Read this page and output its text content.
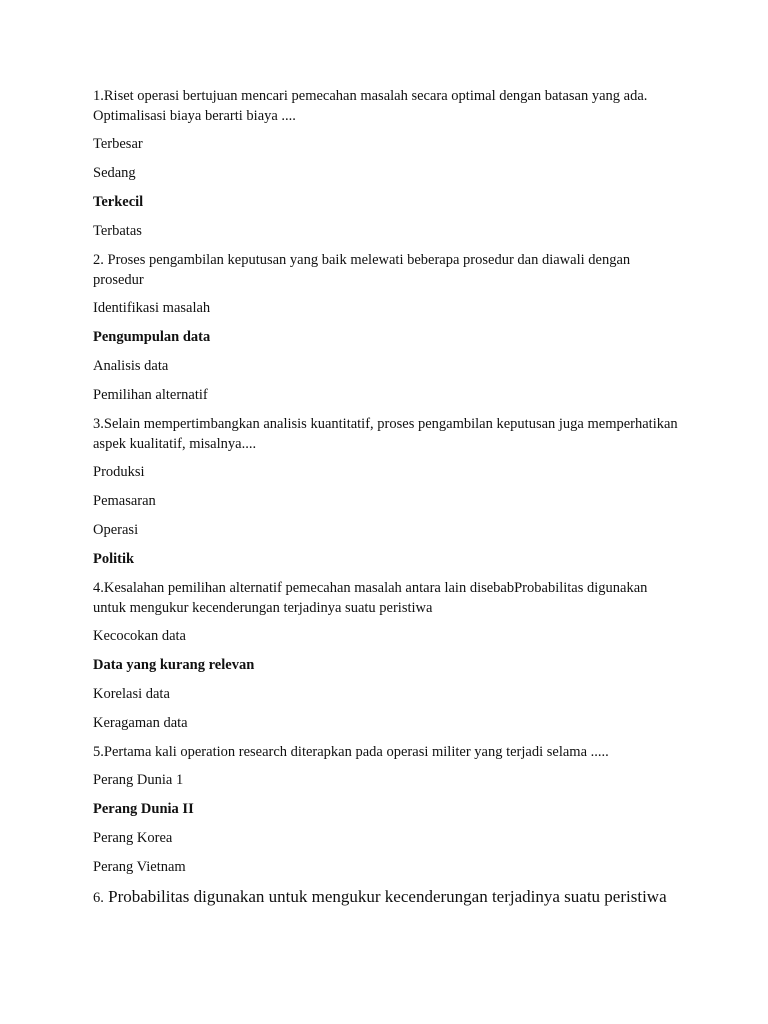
1.Riset operasi bertujuan mencari pemecahan masalah secara optimal dengan batasan yang ada. Optimalisasi biaya berarti biaya ....

Terbesar

Sedang

Terkecil

Terbatas

2. Proses pengambilan keputusan yang baik melewati beberapa prosedur dan diawali dengan prosedur

Identifikasi masalah

Pengumpulan data

Analisis data

Pemilihan alternatif

3.Selain mempertimbangkan analisis kuantitatif, proses pengambilan keputusan juga memperhatikan aspek kualitatif, misalnya....

Produksi

Pemasaran

Operasi

Politik

4.Kesalahan pemilihan alternatif pemecahan masalah antara lain disebabProbabilitas digunakan untuk mengukur kecenderungan terjadinya suatu peristiwa

Kecocokan data

Data yang kurang relevan

Korelasi data

Keragaman data

5.Pertama kali operation research diterapkan pada operasi militer yang terjadi selama .....

Perang Dunia 1

Perang Dunia II

Perang Korea

Perang Vietnam

6. Probabilitas digunakan untuk mengukur kecenderungan terjadinya suatu peristiwa
